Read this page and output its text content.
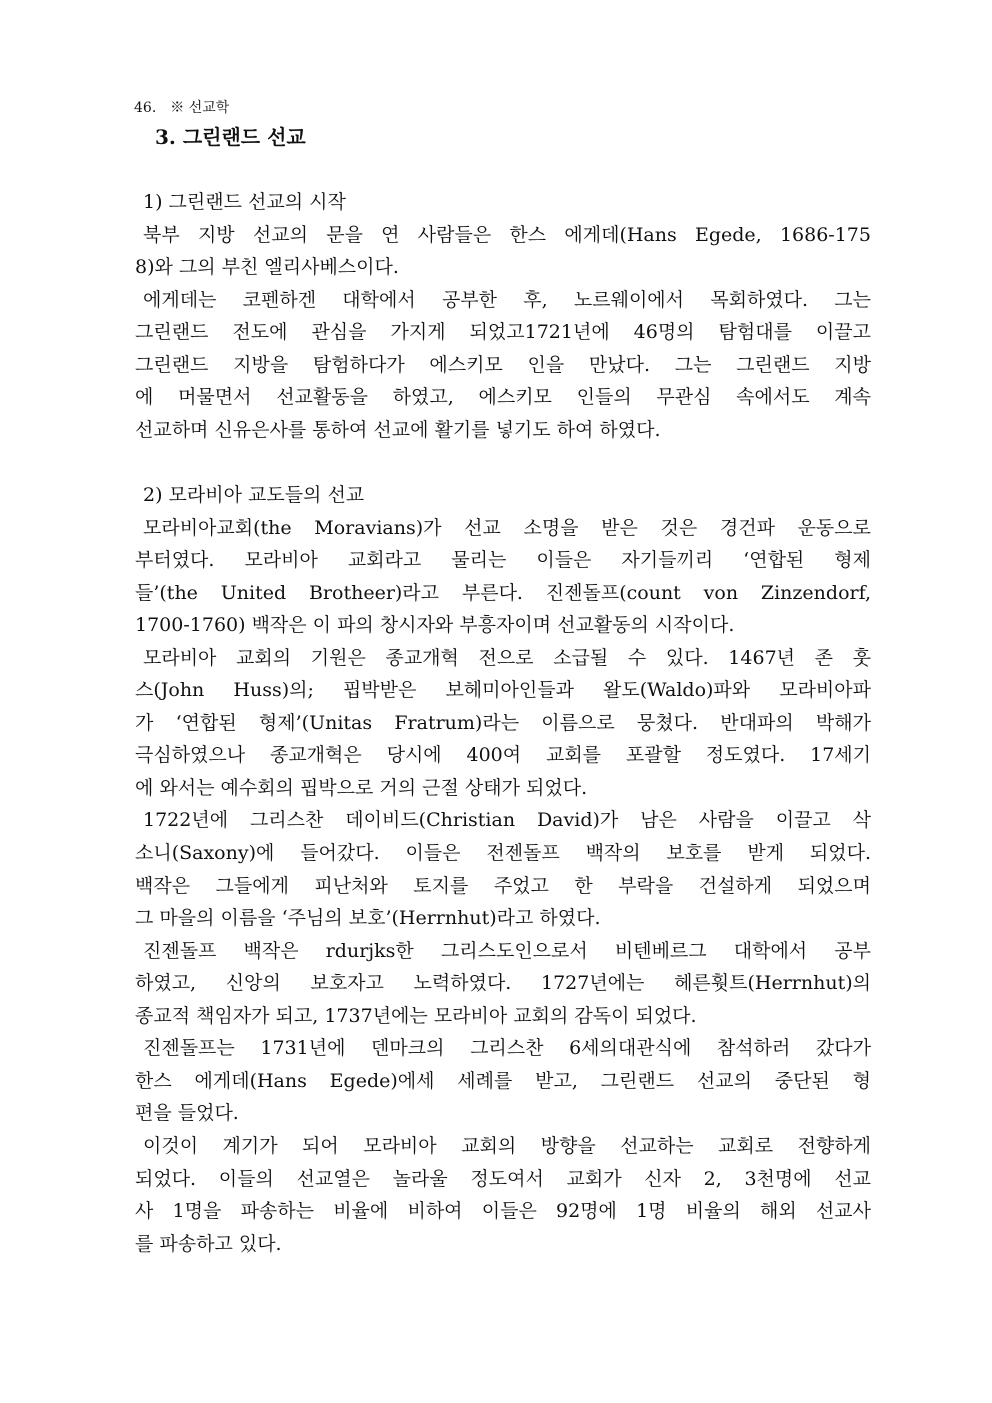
46. ※ 선교학
3. 그린랜드 선교
1) 그린랜드 선교의 시작
북부 지방 선교의 문을 연 사람들은 한스 에게데(Hans Egede, 1686-175
8)와 그의 부친 엘리사베스이다.
에게데는 코펜하겐 대학에서 공부한 후, 노르웨이에서 목회하였다. 그는
그린랜드 전도에 관심을 가지게 되었고1721년에 46명의 탐험대를 이끌고
그린랜드 지방을 탐험하다가 에스키모 인을 만났다. 그는 그린랜드 지방
에 머물면서 선교활동을 하였고, 에스키모 인들의 무관심 속에서도 계속
선교하며 신유은사를 통하여 선교에 활기를 넣기도 하여 하였다.
2) 모라비아 교도들의 선교
모라비아교회(the Moravians)가 선교 소명을 받은 것은 경건파 운동으로
부터였다. 모라비아 교회라고 물리는 이들은 자기들끼리 ‘연합된 형제
들’(the United Brotheer)라고 부른다. 진젠돌프(count von Zinzendorf,
1700-1760) 백작은 이 파의 창시자와 부흥자이며 선교활동의 시작이다.
모라비아 교회의 기원은 종교개혁 전으로 소급될 수 있다. 1467년 존 훗
스(John Huss)의; 핍박받은 보헤미아인들과 왈도(Waldo)파와 모라비아파
가 ‘연합된 형제’(Unitas Fratrum)라는 이름으로 뭉쳤다. 반대파의 박해가
극심하였으나 종교개혁은 당시에 400여 교회를 포괄할 정도였다. 17세기
에 와서는 예수회의 핍박으로 거의 근절 상태가 되었다.
1722년에 그리스찬 데이비드(Christian David)가 남은 사람을 이끌고 삭
소니(Saxony)에 들어갔다. 이들은 전젠돌프 백작의 보호를 받게 되었다.
백작은 그들에게 피난처와 토지를 주었고 한 부락을 건설하게 되었으며
그 마을의 이름을 ‘주님의 보호’(Herrnhut)라고 하였다.
진젠돌프 백작은 rdurjks한 그리스도인으로서 비텐베르그 대학에서 공부
하였고, 신앙의 보호자고 노력하였다. 1727년에는 헤른훳트(Herrnhut)의
종교적 책임자가 되고, 1737년에는 모라비아 교회의 감독이 되었다.
진젠돌프는 1731년에 덴마크의 그리스찬 6세의대관식에 참석하러 갔다가
한스 에게데(Hans Egede)에세 세례를 받고, 그린랜드 선교의 중단된 형
편을 들었다.
이것이 계기가 되어 모라비아 교회의 방향을 선교하는 교회로 전향하게
되었다. 이들의 선교열은 놀라울 정도여서 교회가 신자 2, 3천명에 선교
사 1명을 파송하는 비율에 비하여 이들은 92명에 1명 비율의 해외 선교사
를 파송하고 있다.
